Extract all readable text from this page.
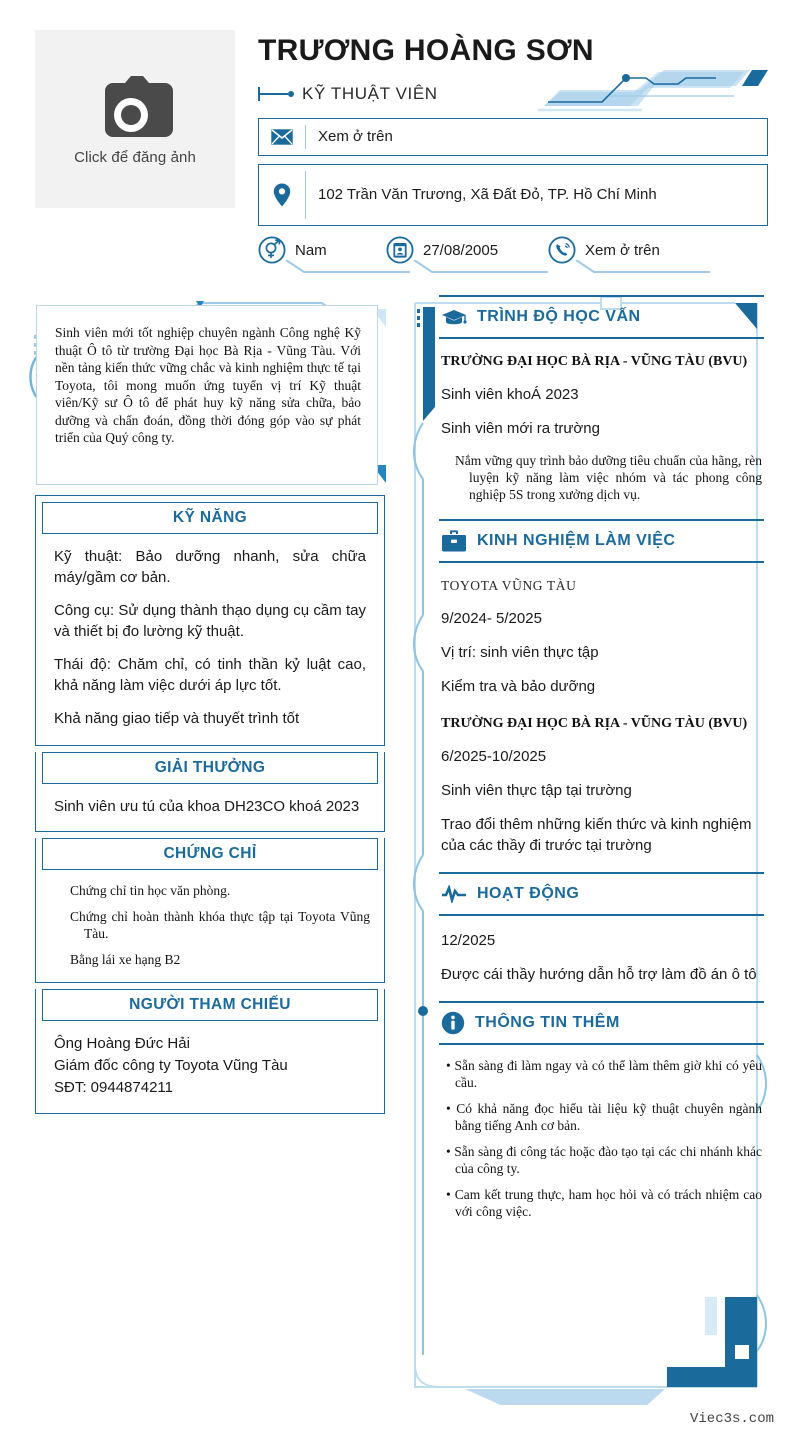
Click để đăng ảnh
TRƯƠNG HOÀNG SƠN
KỸ THUẬT VIÊN
Xem ở trên
102 Trần Văn Trương, Xã Đất Đỏ, TP. Hồ Chí Minh
Nam	27/08/2005	Xem ở trên
Sinh viên mới tốt nghiệp chuyên ngành Công nghệ Kỹ thuật Ô tô từ trường Đại học Bà Rịa - Vũng Tàu. Với nền tảng kiến thức vững chắc và kinh nghiệm thực tế tại Toyota, tôi mong muốn ứng tuyển vị trí Kỹ thuật viên/Kỹ sư Ô tô để phát huy kỹ năng sửa chữa, bảo dưỡng và chẩn đoán, đồng thời đóng góp vào sự phát triển của Quý công ty.
KỸ NĂNG
Kỹ thuật: Bảo dưỡng nhanh, sửa chữa máy/gầm cơ bản.
Công cụ: Sử dụng thành thạo dụng cụ cầm tay và thiết bị đo lường kỹ thuật.
Thái độ: Chăm chỉ, có tinh thần kỷ luật cao, khả năng làm việc dưới áp lực tốt.
Khả năng giao tiếp và thuyết trình tốt
GIẢI THƯỞNG
Sinh viên ưu tú của khoa DH23CO khoá 2023
CHỨNG CHỈ
Chứng chỉ tin học văn phòng.
Chứng chỉ hoàn thành khóa thực tập tại Toyota Vũng Tàu.
Bằng lái xe hạng B2
NGƯỜI THAM CHIẾU
Ông Hoàng Đức Hải
Giám đốc công ty Toyota Vũng Tàu
SĐT: 0944874211
TRÌNH ĐỘ HỌC VẤN
TRƯỜNG ĐẠI HỌC BÀ RỊA - VŨNG TÀU (BVU)
Sinh viên khoÁ 2023
Sinh viên mới ra trường
Nắm vững quy trình bảo dưỡng tiêu chuẩn của hãng, rèn luyện kỹ năng làm việc nhóm và tác phong công nghiệp 5S trong xưởng dịch vụ.
KINH NGHIỆM LÀM VIỆC
TOYOTA VŨNG TÀU
9/2024- 5/2025
Vị trí: sinh viên thực tập
Kiểm tra và bảo dưỡng
TRƯỜNG ĐẠI HỌC BÀ RỊA - VŨNG TÀU (BVU)
6/2025-10/2025
Sinh viên thực tập tại trường
Trao đổi thêm những kiến thức và kinh nghiệm của các thầy đi trước tại trường
HOẠT ĐỘNG
12/2025
Được cái thầy hướng dẫn hỗ trợ làm đồ án ô tô
THÔNG TIN THÊM
• Sẵn sàng đi làm ngay và có thể làm thêm giờ khi có yêu cầu.
• Có khả năng đọc hiểu tài liệu kỹ thuật chuyên ngành bằng tiếng Anh cơ bản.
• Sẵn sàng đi công tác hoặc đào tạo tại các chi nhánh khác của công ty.
• Cam kết trung thực, ham học hỏi và có trách nhiệm cao với công việc.
Viec3s.com
